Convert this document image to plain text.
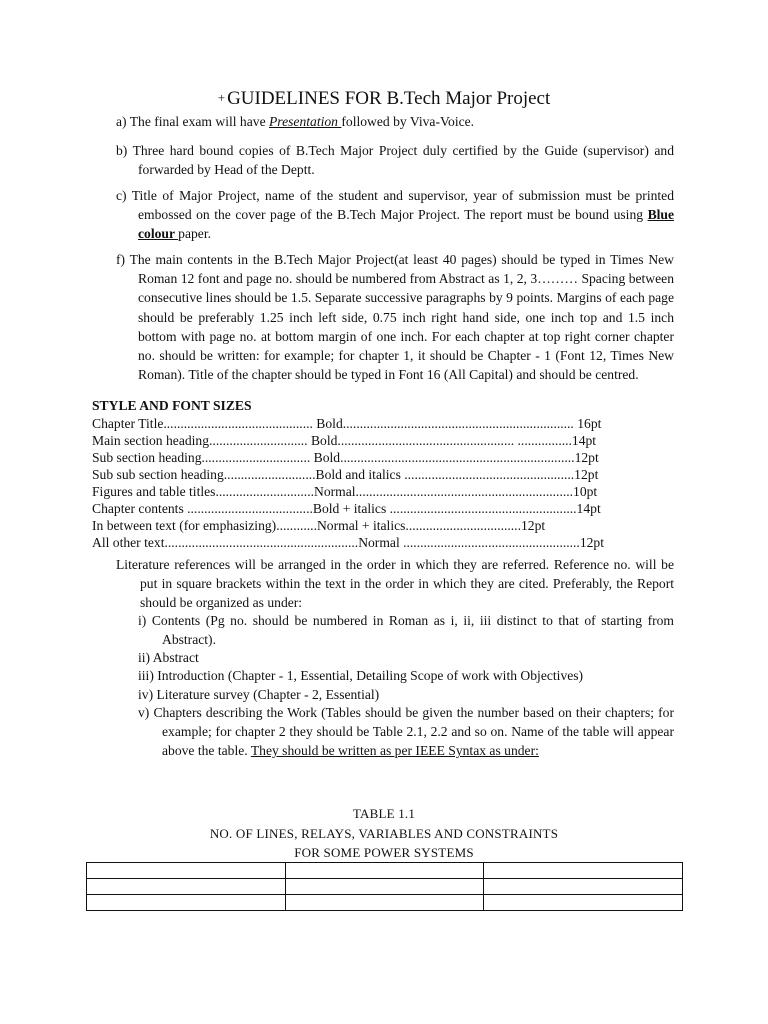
+ GUIDELINES FOR B.Tech Major Project
a) The final exam will have Presentation followed by Viva-Voice.
b) Three hard bound copies of B.Tech Major Project duly certified by the Guide (supervisor) and forwarded by Head of the Deptt.
c) Title of Major Project, name of the student and supervisor, year of submission must be printed embossed on the cover page of the B.Tech Major Project. The report must be bound using Blue colour paper.
f) The main contents in the B.Tech Major Project(at least 40 pages) should be typed in Times New Roman 12 font and page no. should be numbered from Abstract as 1, 2, 3……… Spacing between consecutive lines should be 1.5. Separate successive paragraphs by 9 points. Margins of each page should be preferably 1.25 inch left side, 0.75 inch right hand side, one inch top and 1.5 inch bottom with page no. at bottom margin of one inch. For each chapter at top right corner chapter no. should be written: for example; for chapter 1, it should be Chapter - 1 (Font 12, Times New Roman). Title of the chapter should be typed in Font 16 (All Capital) and should be centred.
STYLE AND FONT SIZES
Chapter Title............................................ Bold.................................................................... 16pt
Main section heading............................. Bold.................................................... ................14pt
Sub section heading................................ Bold.....................................................................12pt
Sub sub section heading...........................Bold and italics ..................................................12pt
Figures and table titles.............................Normal................................................................10pt
Chapter contents .....................................Bold + italics .......................................................14pt
In between text (for emphasizing)............Normal + italics..................................12pt
All other text.........................................................Normal ....................................................12pt
Literature references will be arranged in the order in which they are referred. Reference no. will be put in square brackets within the text in the order in which they are cited. Preferably, the Report should be organized as under:
i) Contents (Pg no. should be numbered in Roman as i, ii, iii distinct to that of starting from Abstract).
ii) Abstract
iii) Introduction (Chapter - 1, Essential, Detailing Scope of work with Objectives)
iv) Literature survey (Chapter - 2, Essential)
v) Chapters describing the Work (Tables should be given the number based on their chapters; for example; for chapter 2 they should be Table 2.1, 2.2 and so on. Name of the table will appear above the table. They should be written as per IEEE Syntax as under:
TABLE 1.1
NO. OF LINES, RELAYS, VARIABLES AND CONSTRAINTS
FOR SOME POWER SYSTEMS
